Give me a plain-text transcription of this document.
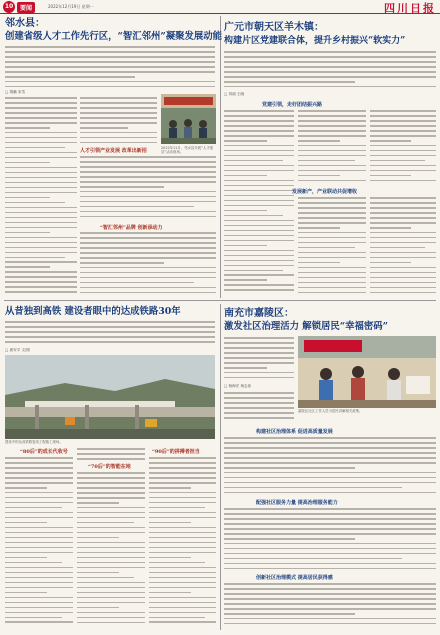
10	要闻	2022年12月19日 星期一	四川日报
邻水县：
创建省级人才工作先行区，“智汇邻州”凝聚发展动能
□ 胡鹏 宋雪
2022年11月，邻水县开展“人才强县”活动现场。
人才引领产业发展 改革出新招
“智汇邻州”品牌 创新添动力
广元市朝天区羊木镇：
构建片区党建联合体，提升乡村振兴“软实力”
□ 刘丽 王晓
党建引领，走好团结振兴路
发展新产，产业联动共促增收
从昔独到高铁 建设者眼中的达成铁路30年
□ 唐安平 文/图
建设中的达成铁路复线工程施工现场。
“80后”的成长代收号
“70后”的智能在地
“90后”的拼搏者担当
南充市嘉陵区：
激发社区治理活力 解锁居民“幸福密码”
□ 杨海宏 杨志伟
嘉陵区社区工作人员为居民讲解相关政策。
构建社区治理体系 促进高质量发展
配强社区服务力量 提高治理服务能力
创新社区治理模式 提高居民获得感
